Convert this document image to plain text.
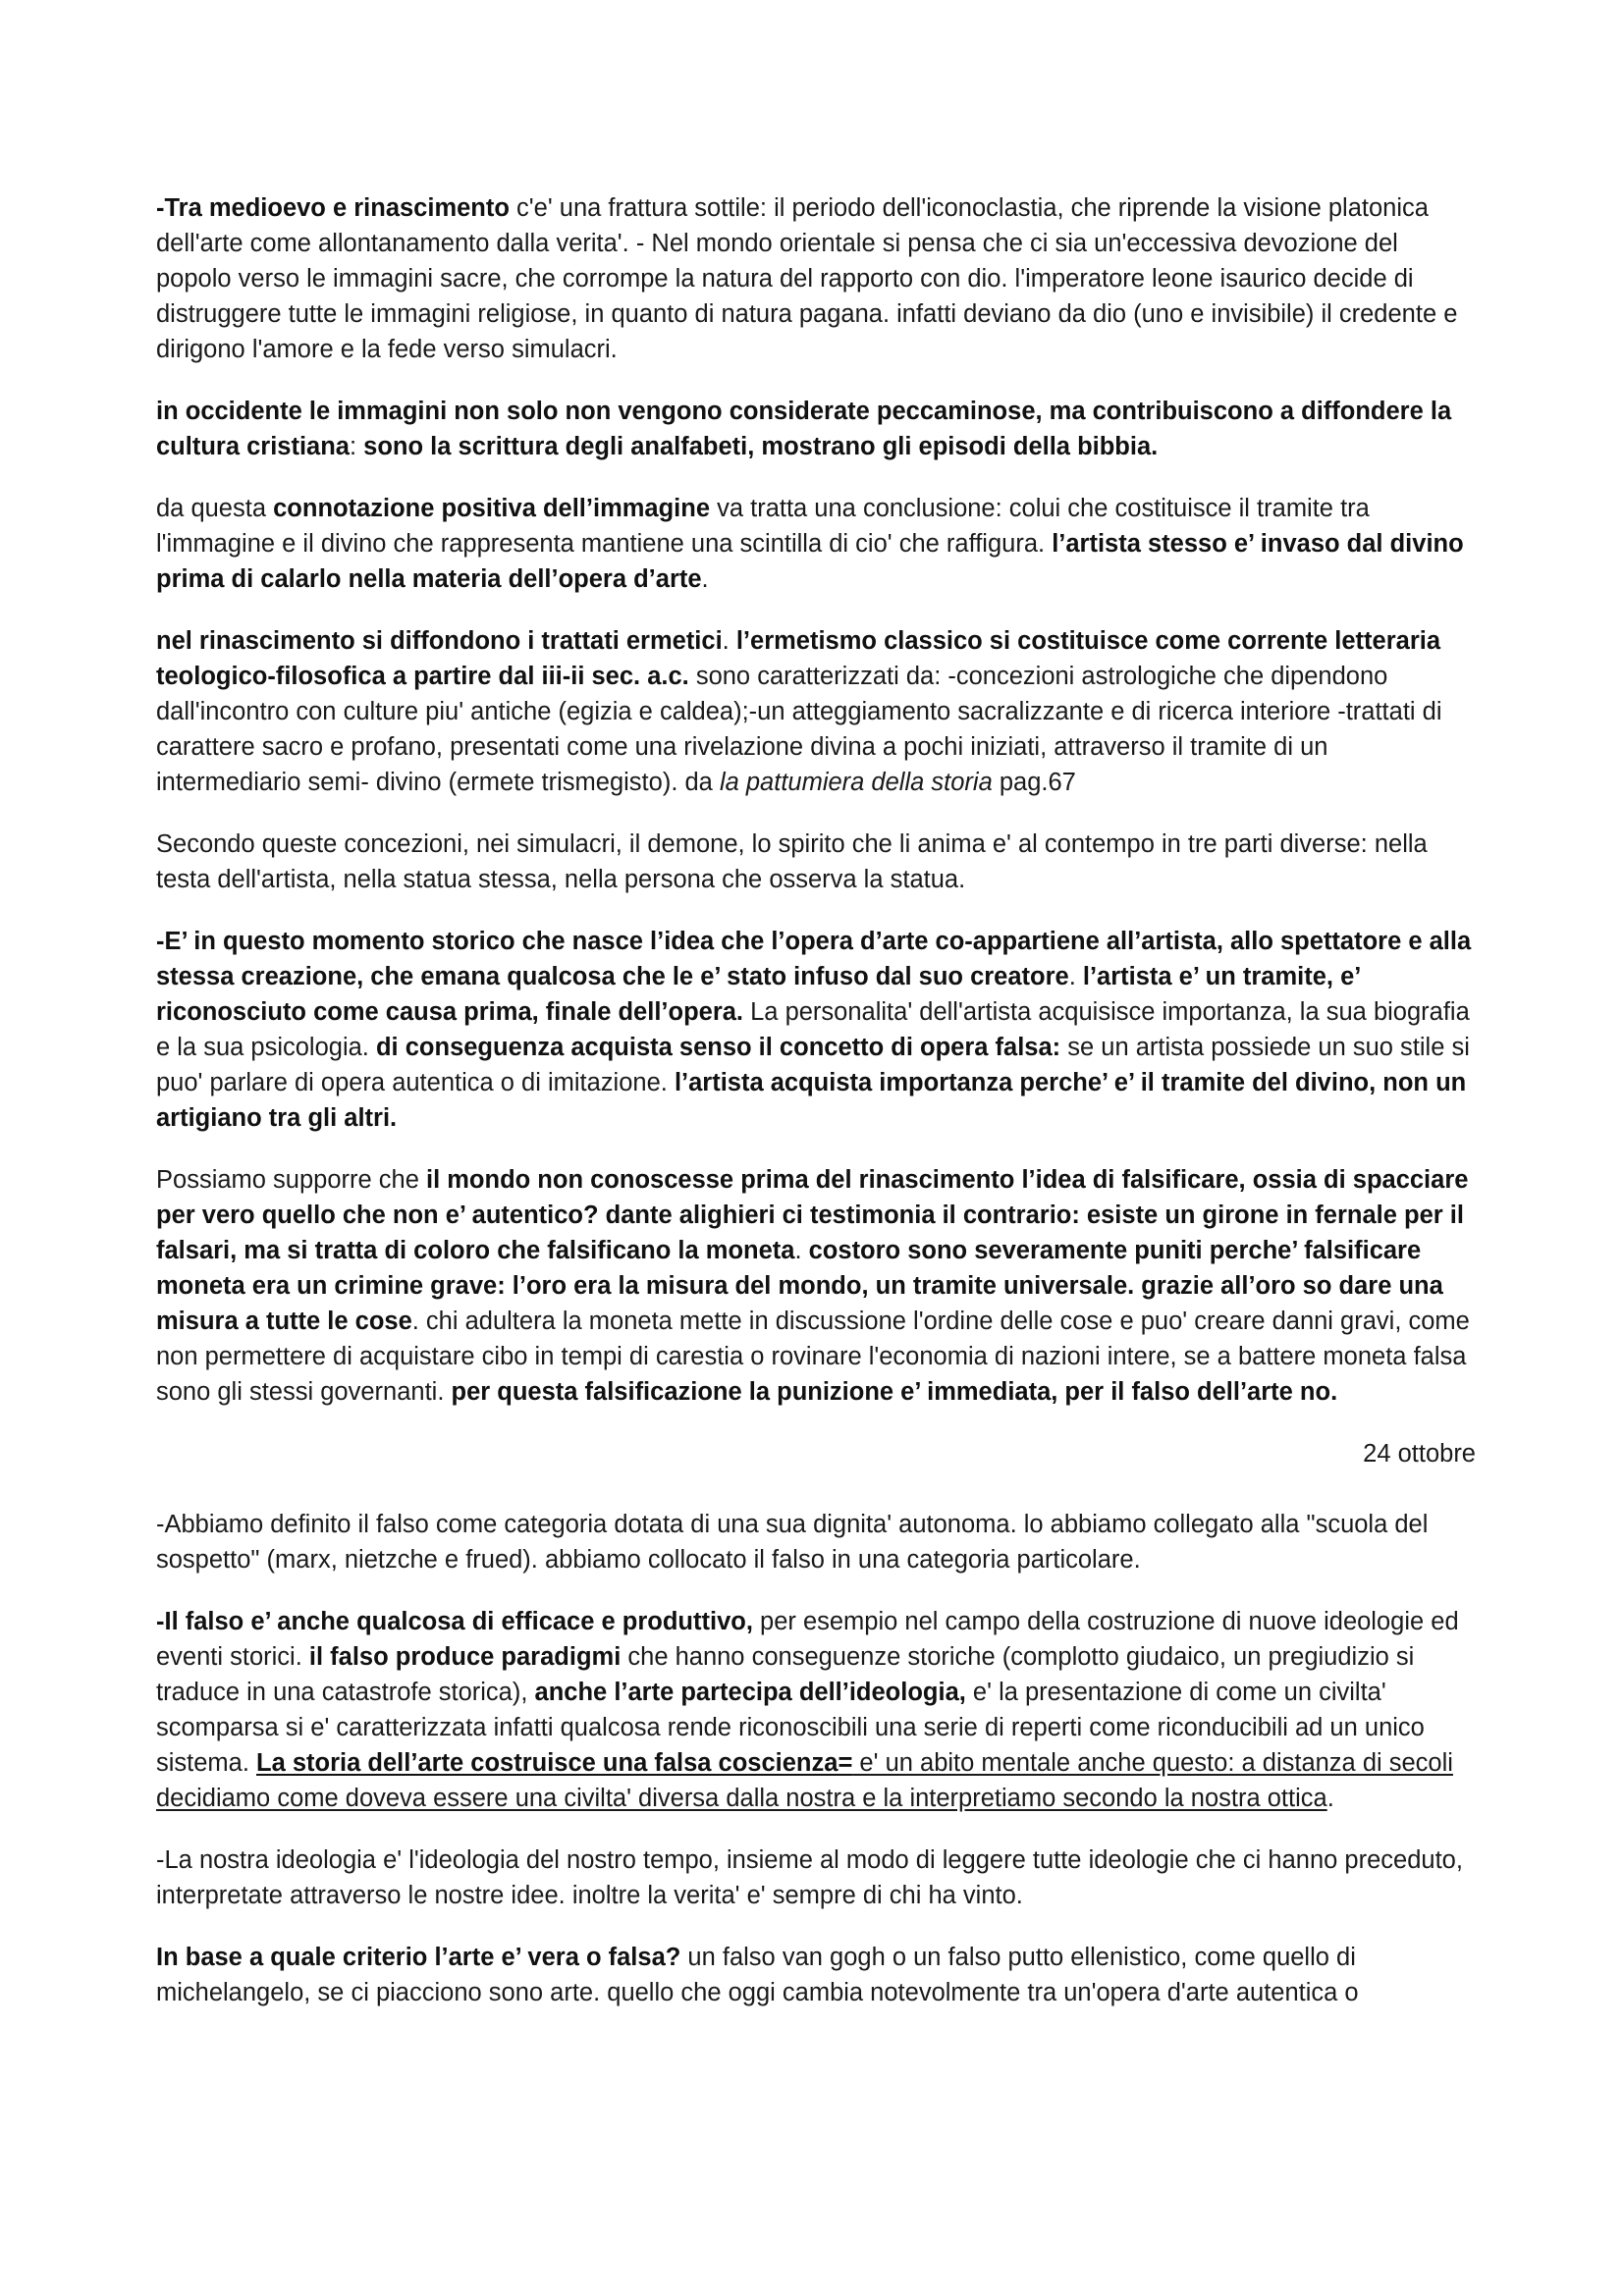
-Tra medioevo e rinascimento c'e' una frattura sottile: il periodo dell'iconoclastia, che riprende la visione platonica dell'arte come allontanamento dalla verita'. - Nel mondo orientale si pensa che ci sia un'eccessiva devozione del popolo verso le immagini sacre, che corrompe la natura del rapporto con dio. l'imperatore leone isaurico decide di distruggere tutte le immagini religiose, in quanto di natura pagana. infatti deviano da dio (uno e invisibile) il credente e dirigono l'amore e la fede verso simulacri.

in occidente le immagini non solo non vengono considerate peccaminose, ma contribuiscono a diffondere la cultura cristiana: sono la scrittura degli analfabeti, mostrano gli episodi della bibbia.

da questa connotazione positiva dell’immagine va tratta una conclusione: colui che costituisce il tramite tra l'immagine e il divino che rappresenta mantiene una scintilla di cio' che raffigura. l’artista stesso e’ invaso dal divino prima di calarlo nella materia dell’opera d’arte.

nel rinascimento si diffondono i trattati ermetici. l’ermetismo classico si costituisce come corrente letteraria teologico-filosofica a partire dal iii-ii sec. a.c. sono caratterizzati da: -concezioni astrologiche che dipendono dall'incontro con culture piu' antiche (egizia e caldea);-un atteggiamento sacralizzante e di ricerca interiore -trattati di carattere sacro e profano, presentati come una rivelazione divina a pochi iniziati, attraverso il tramite di un intermediario semi- divino (ermete trismegisto). da la pattumiera della storia pag.67

Secondo queste concezioni, nei simulacri, il demone, lo spirito che li anima e' al contempo in tre parti diverse: nella testa dell'artista, nella statua stessa, nella persona che osserva la statua.

-E’ in questo momento storico che nasce l’idea che l’opera d’arte co-appartiene all’artista, allo spettatore e alla stessa creazione, che emana qualcosa che le e’ stato infuso dal suo creatore. l’artista e’ un tramite, e’ riconosciuto come causa prima, finale dell’opera. La personalita' dell'artista acquisisce importanza, la sua biografia e la sua psicologia. di conseguenza acquista senso il concetto di opera falsa: se un artista possiede un suo stile si puo' parlare di opera autentica o di imitazione. l’artista acquista importanza perche’ e’ il tramite del divino, non un artigiano tra gli altri.

Possiamo supporre che il mondo non conoscesse prima del rinascimento l’idea di falsificare, ossia di spacciare per vero quello che non e’ autentico? dante alighieri ci testimonia il contrario: esiste un girone in fernale per il falsari, ma si tratta di coloro che falsificano la moneta. costoro sono severamente puniti perche’ falsificare moneta era un crimine grave: l’oro era la misura del mondo, un tramite universale. grazie all’oro so dare una misura a tutte le cose. chi adultera la moneta mette in discussione l'ordine delle cose e puo' creare danni gravi, come non permettere di acquistare cibo in tempi di carestia o rovinare l'economia di nazioni intere, se a battere moneta falsa sono gli stessi governanti. per questa falsificazione la punizione e’ immediata, per il falso dell’arte no.

24 ottobre

-Abbiamo definito il falso come categoria dotata di una sua dignita' autonoma. lo abbiamo collegato alla "scuola del sospetto" (marx, nietzche e frued). abbiamo collocato il falso in una categoria particolare.

-Il falso e’ anche qualcosa di efficace e produttivo, per esempio nel campo della costruzione di nuove ideologie ed eventi storici. il falso produce paradigmi che hanno conseguenze storiche (complotto giudaico, un pregiudizio si traduce in una catastrofe storica), anche l’arte partecipa dell’ideologia, e' la presentazione di come un civilta' scomparsa si e' caratterizzata infatti qualcosa rende riconoscibili una serie di reperti come riconducibili ad un unico sistema. La storia dell’arte costruisce una falsa coscienza= e' un abito mentale anche questo: a distanza di secoli decidiamo come doveva essere una civilta' diversa dalla nostra e la interpretiamo secondo la nostra ottica.

-La nostra ideologia e' l'ideologia del nostro tempo, insieme al modo di leggere tutte ideologie che ci hanno preceduto, interpretate attraverso le nostre idee. inoltre la verita' e' sempre di chi ha vinto.

In base a quale criterio l’arte e’ vera o falsa? un falso van gogh o un falso putto ellenistico, come quello di michelangelo, se ci piacciono sono arte. quello che oggi cambia notevolmente tra un'opera d'arte autentica o
